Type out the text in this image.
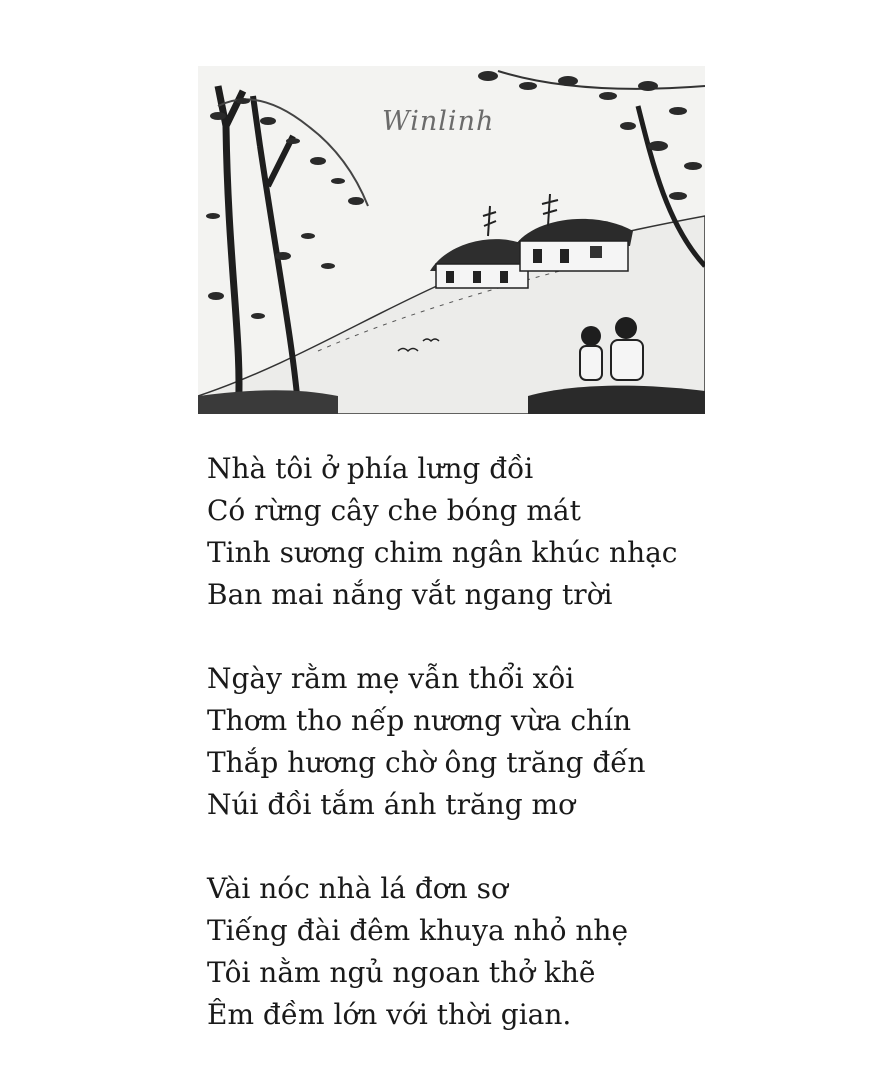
Winlinh
Nhà tôi ở phía lưng đồi
Có rừng cây che bóng mát
Tinh sương chim ngân khúc nhạc
Ban mai nắng vắt ngang trời
Ngày rằm mẹ vẫn thổi xôi
Thơm tho nếp nương vừa chín
Thắp hương chờ ông trăng đến
Núi đồi tắm ánh trăng mơ
Vài nóc nhà lá đơn sơ
Tiếng đài đêm khuya nhỏ nhẹ
Tôi nằm ngủ ngoan thở khẽ
Êm đềm lớn với thời gian.
